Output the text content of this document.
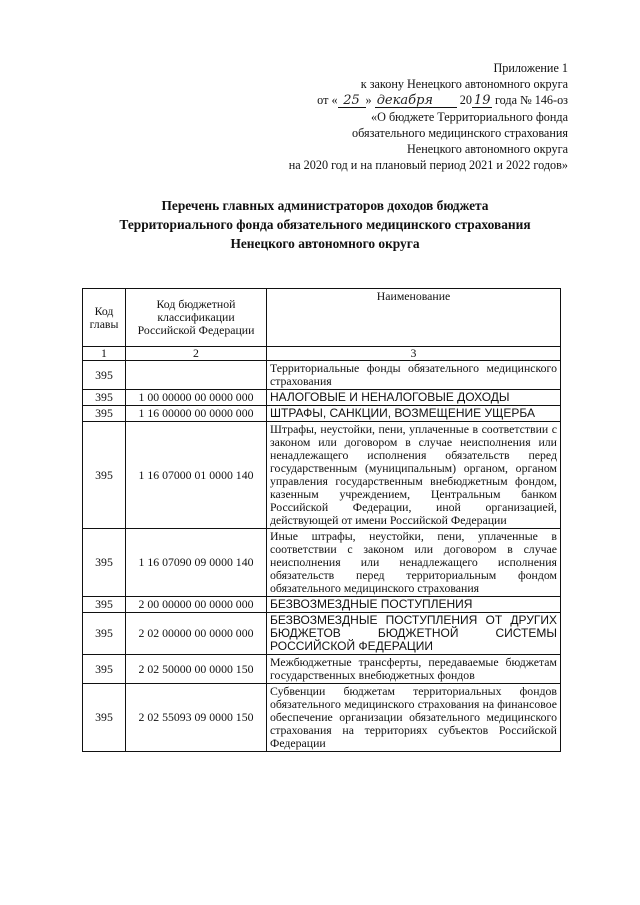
Приложение 1
к закону Ненецкого автономного округа
от « 25 » декабря 20 19 года № 146-оз
«О бюджете Территориального фонда
обязательного медицинского страхования
Ненецкого автономного округа
на 2020 год и на плановый период 2021 и 2022 годов»
Перечень главных администраторов доходов бюджета
Территориального фонда обязательного медицинского страхования
Ненецкого автономного округа
Код главы	Код бюджетной классификации Российской Федерации	Наименование
1	2	3
395		Территориальные фонды обязательного медицинского страхования
395	1 00 00000 00 0000 000	НАЛОГОВЫЕ И НЕНАЛОГОВЫЕ ДОХОДЫ
395	1 16 00000 00 0000 000	ШТРАФЫ, САНКЦИИ, ВОЗМЕЩЕНИЕ УЩЕРБА
395	1 16 07000 01 0000 140	Штрафы, неустойки, пени, уплаченные в соответствии с законом или договором в случае неисполнения или ненадлежащего исполнения обязательств перед государственным (муниципальным) органом, органом управления государственным внебюджетным фондом, казенным учреждением, Центральным банком Российской Федерации, иной организацией, действующей от имени Российской Федерации
395	1 16 07090 09 0000 140	Иные штрафы, неустойки, пени, уплаченные в соответствии с законом или договором в случае неисполнения или ненадлежащего исполнения обязательств перед территориальным фондом обязательного медицинского страхования
395	2 00 00000 00 0000 000	БЕЗВОЗМЕЗДНЫЕ ПОСТУПЛЕНИЯ
395	2 02 00000 00 0000 000	БЕЗВОЗМЕЗДНЫЕ ПОСТУПЛЕНИЯ ОТ ДРУГИХ БЮДЖЕТОВ БЮДЖЕТНОЙ СИСТЕМЫ РОССИЙСКОЙ ФЕДЕРАЦИИ
395	2 02 50000 00 0000 150	Межбюджетные трансферты, передаваемые бюджетам государственных внебюджетных фондов
395	2 02 55093 09 0000 150	Субвенции бюджетам территориальных фондов обязательного медицинского страхования на финансовое обеспечение организации обязательного медицинского страхования на территориях субъектов Российской Федерации
